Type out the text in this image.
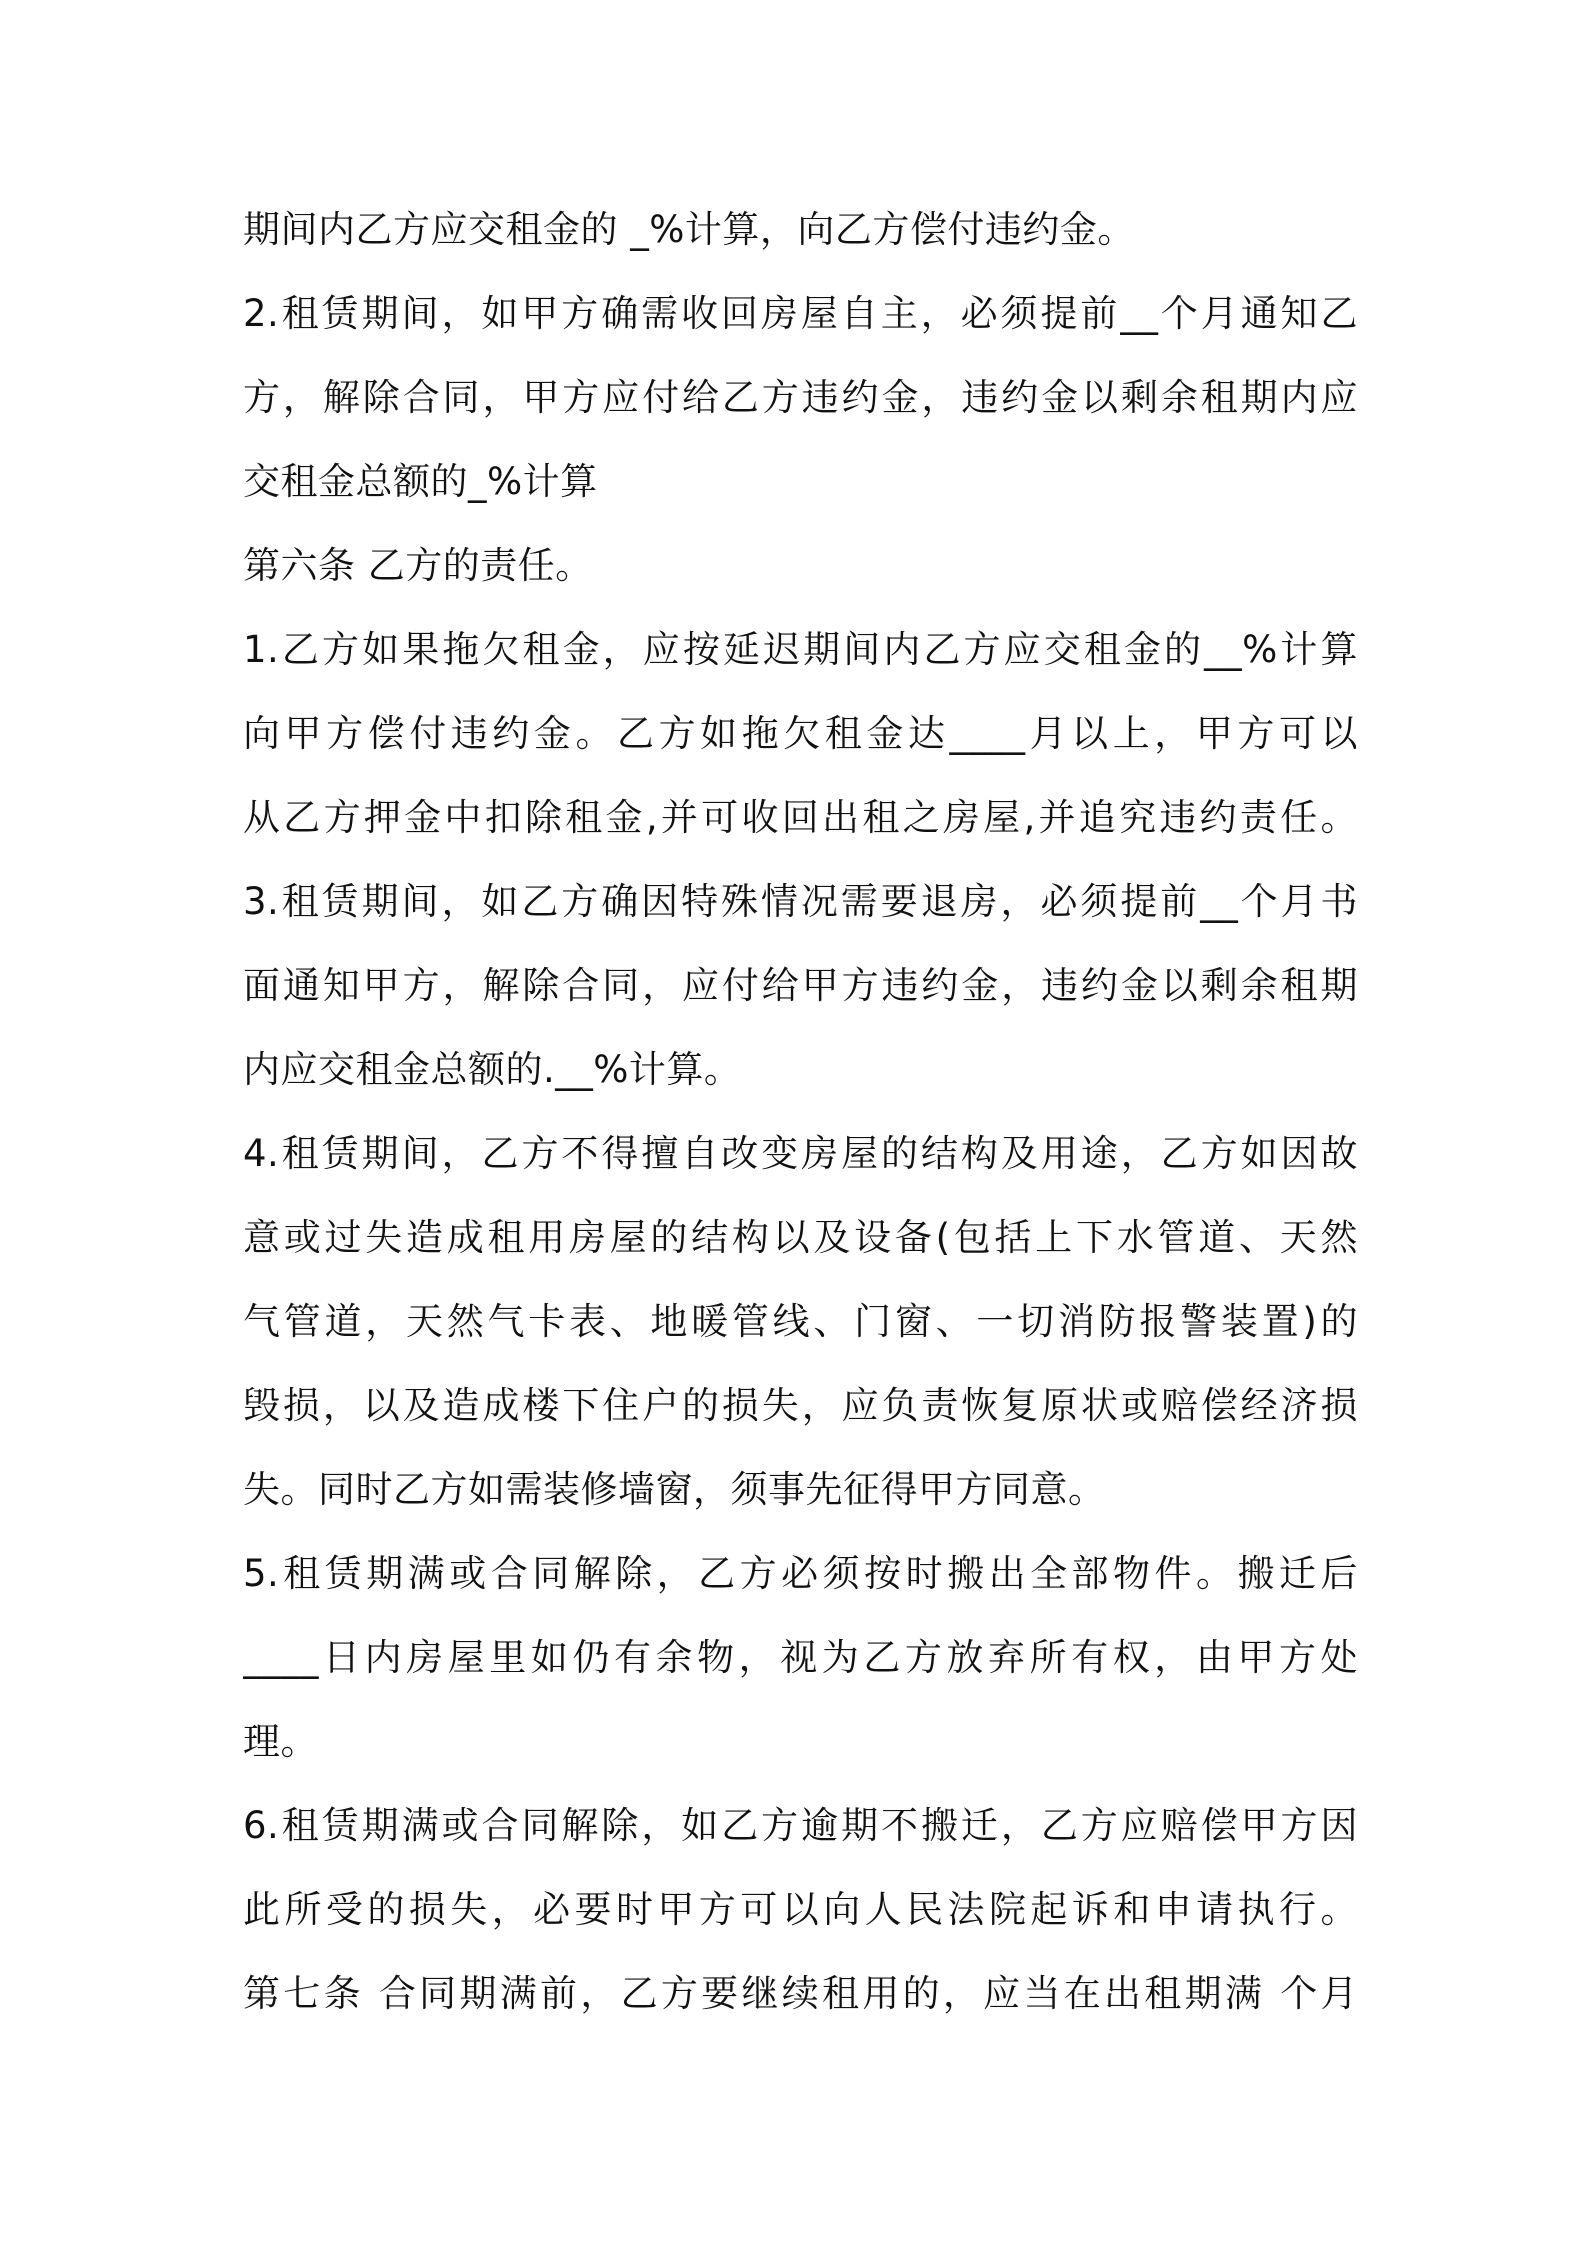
期间内乙方应交租金的 _%计算，向乙方偿付违约金。
2.租赁期间，如甲方确需收回房屋自主，必须提前__个月通知乙
方，解除合同，甲方应付给乙方违约金，违约金以剩余租期内应
交租金总额的_%计算
第六条 乙方的责任。
1.乙方如果拖欠租金，应按延迟期间内乙方应交租金的__%计算
向甲方偿付违约金。乙方如拖欠租金达____月以上，甲方可以
从乙方押金中扣除租金,并可收回出租之房屋,并追究违约责任。
3.租赁期间，如乙方确因特殊情况需要退房，必须提前__个月书
面通知甲方，解除合同，应付给甲方违约金，违约金以剩余租期
内应交租金总额的.__%计算。
4.租赁期间，乙方不得擅自改变房屋的结构及用途，乙方如因故
意或过失造成租用房屋的结构以及设备(包括上下水管道、天然
气管道，天然气卡表、地暖管线、门窗、一切消防报警装置)的
毁损，以及造成楼下住户的损失，应负责恢复原状或赔偿经济损
失。同时乙方如需装修墙窗，须事先征得甲方同意。
5.租赁期满或合同解除，乙方必须按时搬出全部物件。搬迁后
____日内房屋里如仍有余物，视为乙方放弃所有权，由甲方处
理。
6.租赁期满或合同解除，如乙方逾期不搬迁，乙方应赔偿甲方因
此所受的损失，必要时甲方可以向人民法院起诉和申请执行。
第七条 合同期满前，乙方要继续租用的，应当在出租期满 个月
